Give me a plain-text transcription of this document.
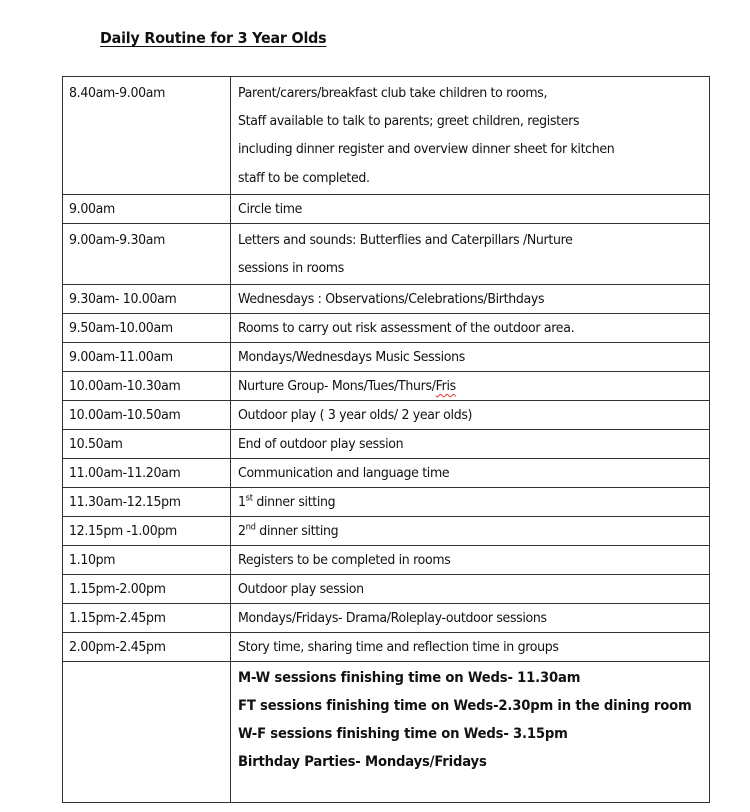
Daily Routine for 3 Year Olds
8.40am-9.00am	Parent/carers/breakfast club take children to rooms,
Staff available to talk to parents; greet children, registers
including dinner register and overview dinner sheet for kitchen
staff to be completed.

9.00am	Circle time

9.00am-9.30am	Letters and sounds: Butterflies and Caterpillars /Nurture
sessions in rooms

9.30am- 10.00am	Wednesdays : Observations/Celebrations/Birthdays

9.50am-10.00am	Rooms to carry out risk assessment of the outdoor area.

9.00am-11.00am	Mondays/Wednesdays Music Sessions

10.00am-10.30am	Nurture Group- Mons/Tues/Thurs/Fris

10.00am-10.50am	Outdoor play ( 3 year olds/ 2 year olds)

10.50am	End of outdoor play session

11.00am-11.20am	Communication and language time

11.30am-12.15pm	1st dinner sitting

12.15pm -1.00pm	2nd dinner sitting

1.10pm	Registers to be completed in rooms

1.15pm-2.00pm	Outdoor play session

1.15pm-2.45pm	Mondays/Fridays- Drama/Roleplay-outdoor sessions

2.00pm-2.45pm	Story time, sharing time and reflection time in groups

	M-W sessions finishing time on Weds- 11.30am
FT sessions finishing time on Weds-2.30pm in the dining room
W-F sessions finishing time on Weds- 3.15pm
Birthday Parties- Mondays/Fridays
